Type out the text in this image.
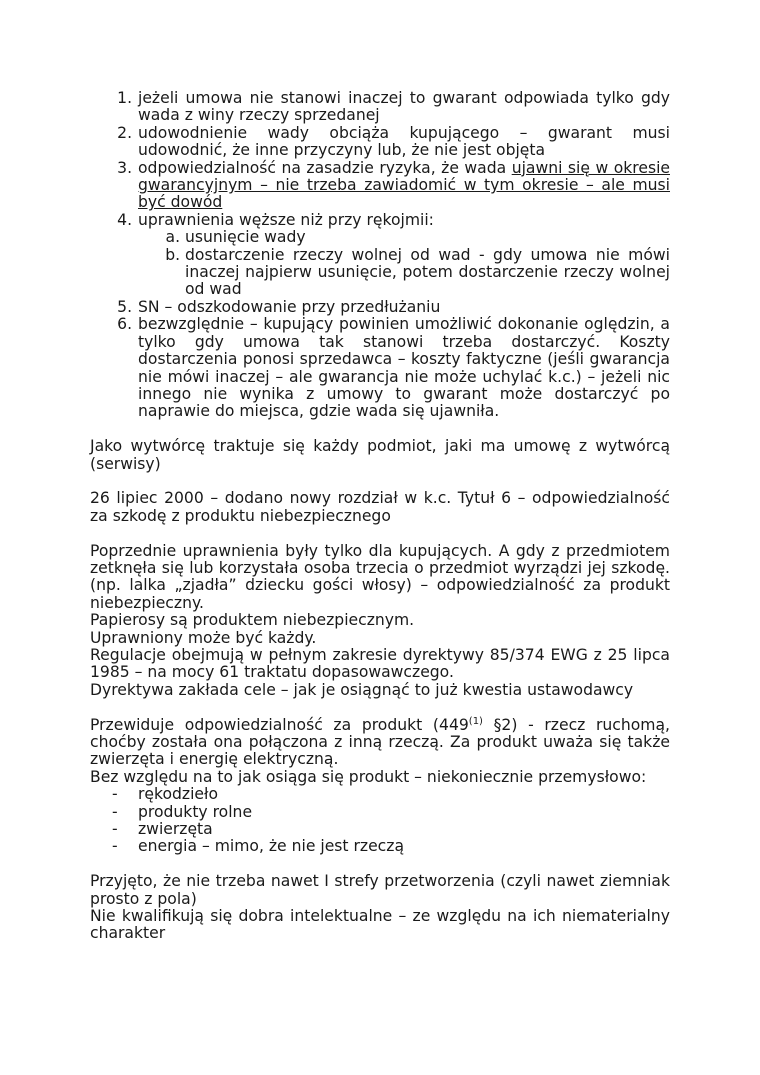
1. jeżeli umowa nie stanowi inaczej to gwarant odpowiada tylko gdy wada z winy rzeczy sprzedanej
2. udowodnienie wady obciąża kupującego – gwarant musi udowodnić, że inne przyczyny lub, że nie jest objęta
3. odpowiedzialność na zasadzie ryzyka, że wada ujawni się w okresie gwarancyjnym – nie trzeba zawiadomić w tym okresie – ale musi być dowód
4. uprawnienia węższe niż przy rękojmii:
a. usunięcie wady
b. dostarczenie rzeczy wolnej od wad - gdy umowa nie mówi inaczej najpierw usunięcie, potem dostarczenie rzeczy wolnej od wad
5. SN – odszkodowanie przy przedłużaniu
6. bezwzględnie – kupujący powinien umożliwić dokonanie oględzin, a tylko gdy umowa tak stanowi trzeba dostarczyć. Koszty dostarczenia ponosi sprzedawca – koszty faktyczne (jeśli gwarancja nie mówi inaczej – ale gwarancja nie może uchylać k.c.) – jeżeli nic innego nie wynika z umowy to gwarant może dostarczyć po naprawie do miejsca, gdzie wada się ujawniła.

Jako wytwórcę traktuje się każdy podmiot, jaki ma umowę z wytwórcą (serwisy)

26 lipiec 2000 – dodano nowy rozdział w k.c. Tytuł 6 – odpowiedzialność za szkodę z produktu niebezpiecznego

Poprzednie uprawnienia były tylko dla kupujących. A gdy z przedmiotem zetknęła się lub korzystała osoba trzecia o przedmiot wyrządzi jej szkodę. (np. lalka „zjadła” dziecku gości włosy) – odpowiedzialność za produkt niebezpieczny.

Papierosy są produktem niebezpiecznym.

Uprawniony może być każdy.

Regulacje obejmują w pełnym zakresie dyrektywy 85/374 EWG z 25 lipca 1985 – na mocy 61 traktatu dopasowawczego.

Dyrektywa zakłada cele – jak je osiągnąć to już kwestia ustawodawcy

Przewiduje odpowiedzialność za produkt (449$^{(1)}$ §2) - rzecz ruchomą, choćby została ona połączona z inną rzeczą. Za produkt uważa się także zwierzęta i energię elektryczną.

Bez względu na to jak osiąga się produkt – niekoniecznie przemysłowo:

- rękodzieło
- produkty rolne
- zwierzęta
- energia – mimo, że nie jest rzeczą

Przyjęto, że nie trzeba nawet I strefy przetworzenia (czyli nawet ziemniak prosto z pola)

Nie kwalifikują się dobra intelektualne – ze względu na ich niematerialny charakter
